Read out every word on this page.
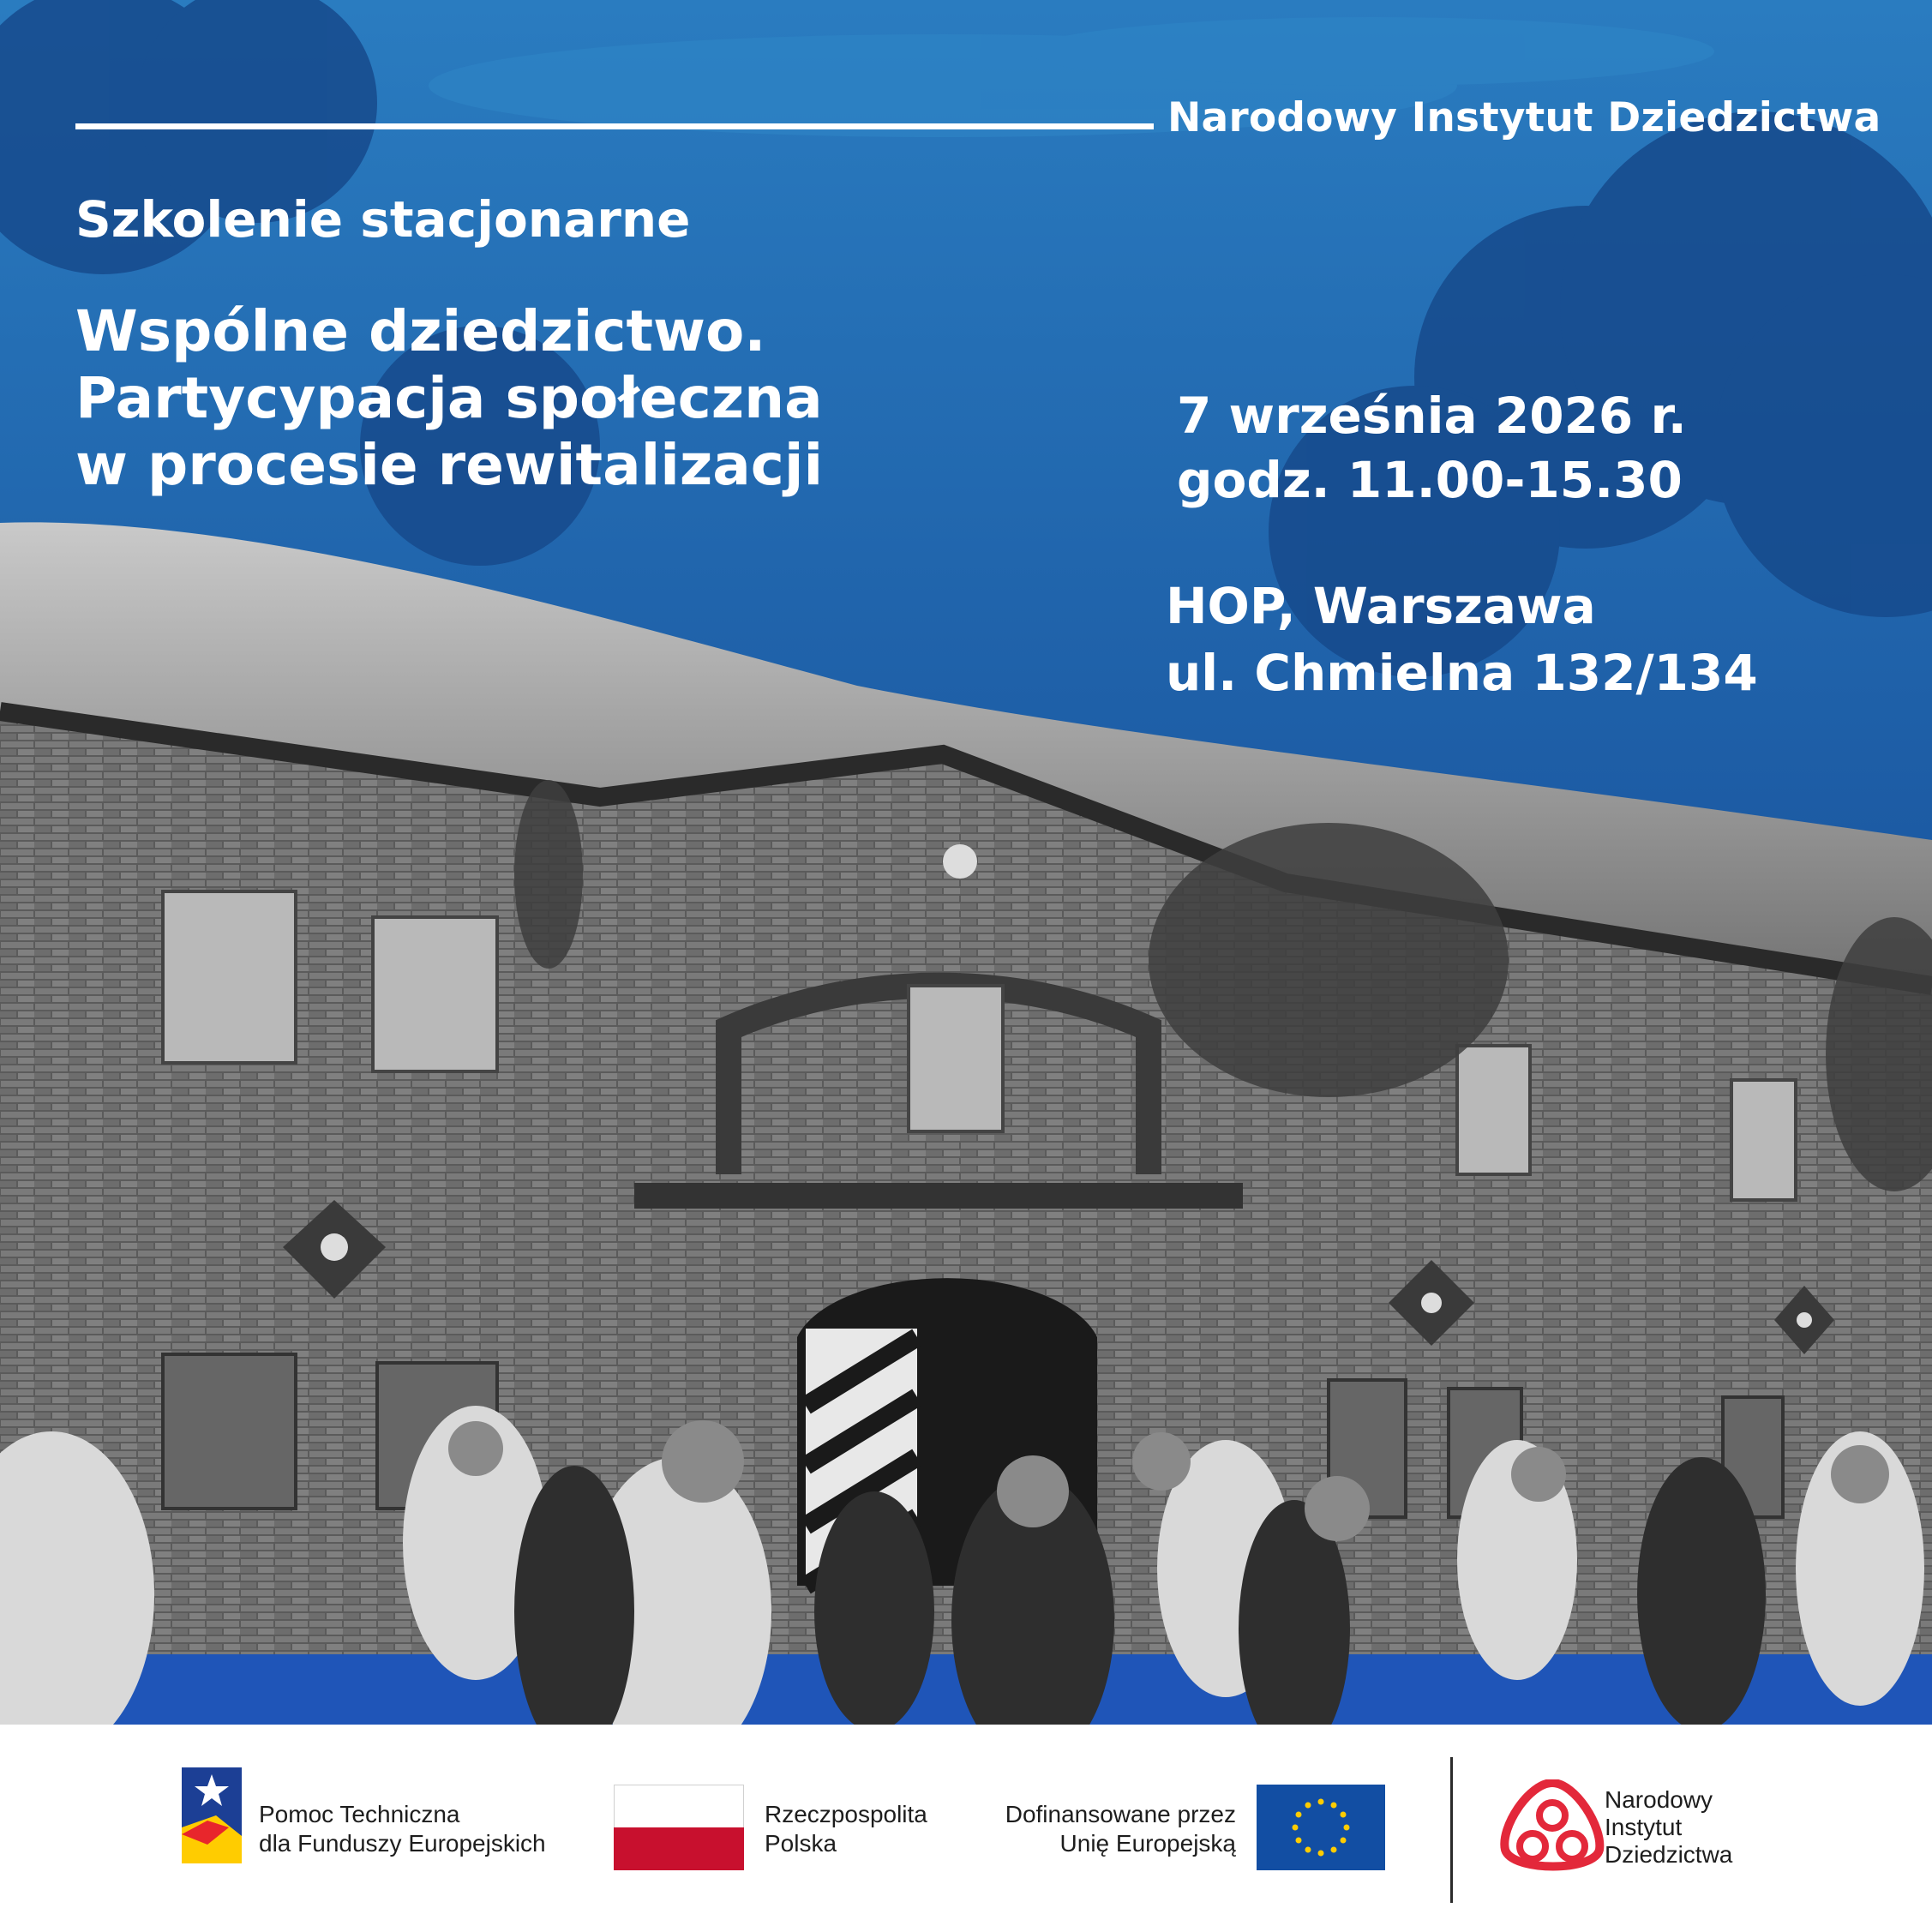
Narodowy Instytut Dziedzictwa
Szkolenie stacjonarne
Wspólne dziedzictwo.
Partycypacja społeczna
w procesie rewitalizacji
7 września 2026 r.
godz. 11.00-15.30
HOP, Warszawa
ul. Chmielna 132/134
Pomoc Techniczna
dla Funduszy Europejskich
Rzeczpospolita
Polska
Dofinansowane przez
Unię Europejską
Narodowy
Instytut
Dziedzictwa
